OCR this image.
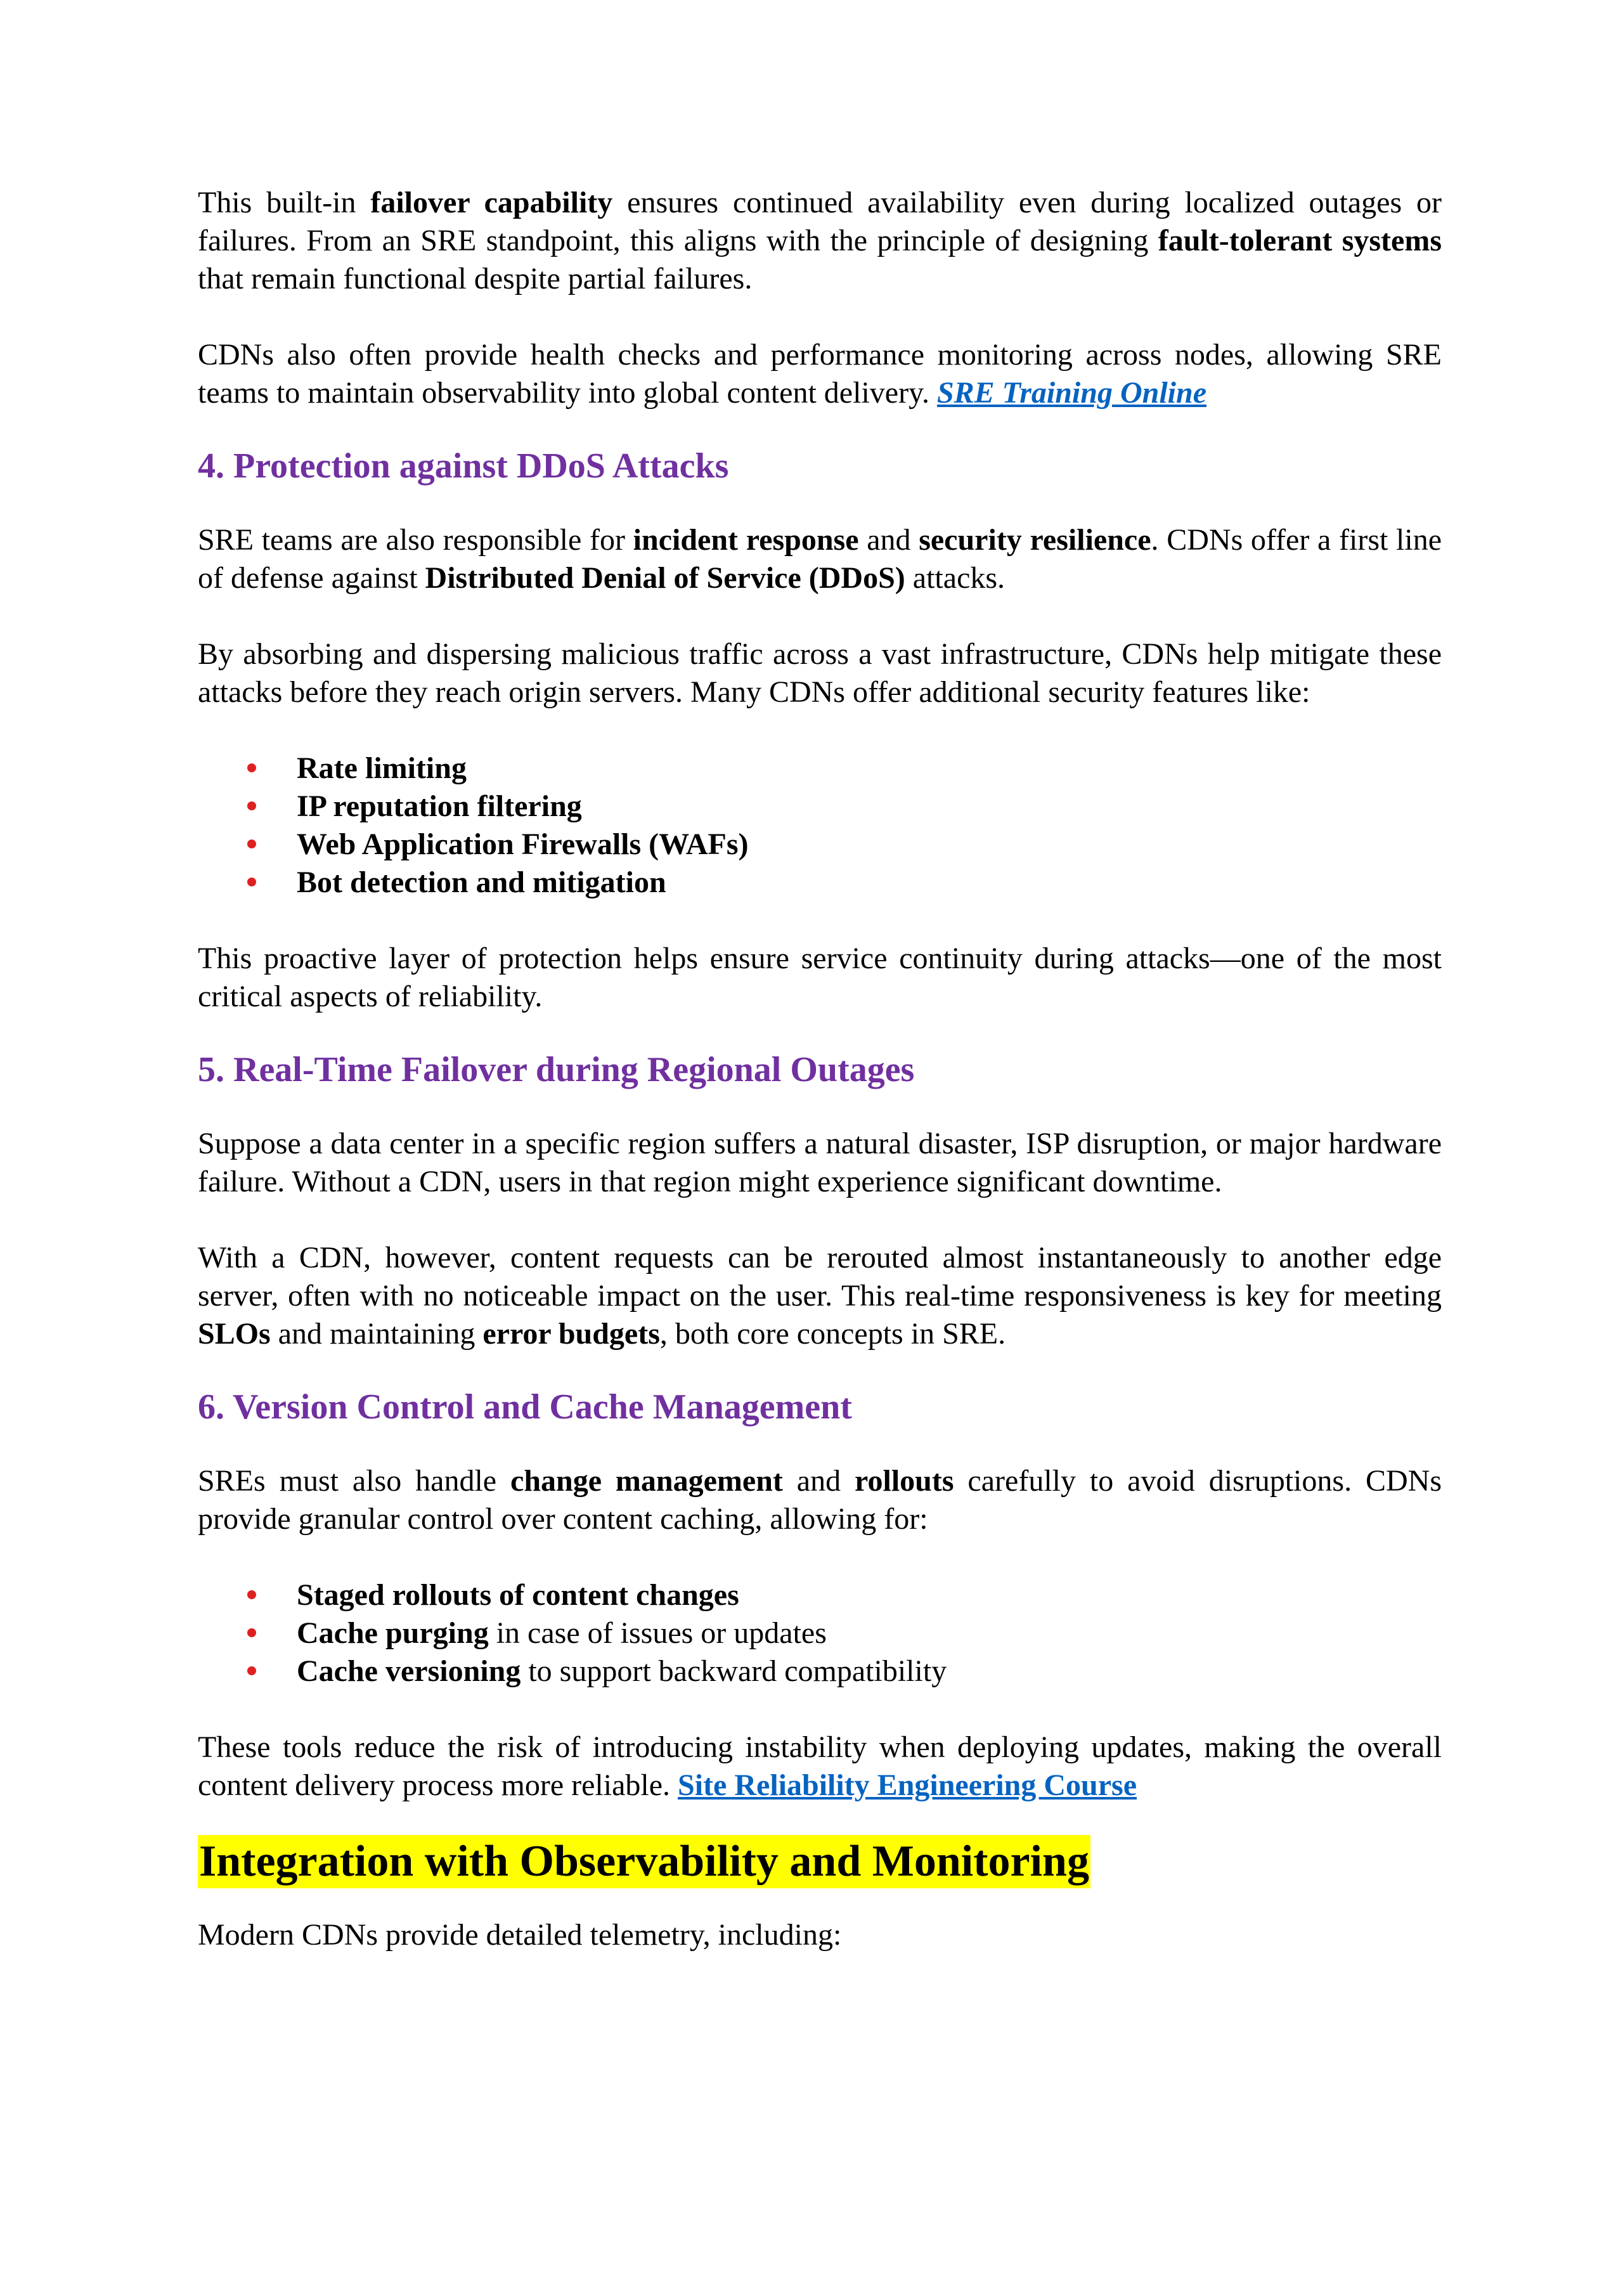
This built-in failover capability ensures continued availability even during localized outages or failures. From an SRE standpoint, this aligns with the principle of designing fault-tolerant systems that remain functional despite partial failures.

CDNs also often provide health checks and performance monitoring across nodes, allowing SRE teams to maintain observability into global content delivery. SRE Training Online

4. Protection against DDoS Attacks

SRE teams are also responsible for incident response and security resilience. CDNs offer a first line of defense against Distributed Denial of Service (DDoS) attacks.

By absorbing and dispersing malicious traffic across a vast infrastructure, CDNs help mitigate these attacks before they reach origin servers. Many CDNs offer additional security features like:

Rate limiting
IP reputation filtering
Web Application Firewalls (WAFs)
Bot detection and mitigation

This proactive layer of protection helps ensure service continuity during attacks—one of the most critical aspects of reliability.

5. Real-Time Failover during Regional Outages

Suppose a data center in a specific region suffers a natural disaster, ISP disruption, or major hardware failure. Without a CDN, users in that region might experience significant downtime.

With a CDN, however, content requests can be rerouted almost instantaneously to another edge server, often with no noticeable impact on the user. This real-time responsiveness is key for meeting SLOs and maintaining error budgets, both core concepts in SRE.

6. Version Control and Cache Management

SREs must also handle change management and rollouts carefully to avoid disruptions. CDNs provide granular control over content caching, allowing for:

Staged rollouts of content changes
Cache purging in case of issues or updates
Cache versioning to support backward compatibility

These tools reduce the risk of introducing instability when deploying updates, making the overall content delivery process more reliable. Site Reliability Engineering Course

Integration with Observability and Monitoring

Modern CDNs provide detailed telemetry, including:
